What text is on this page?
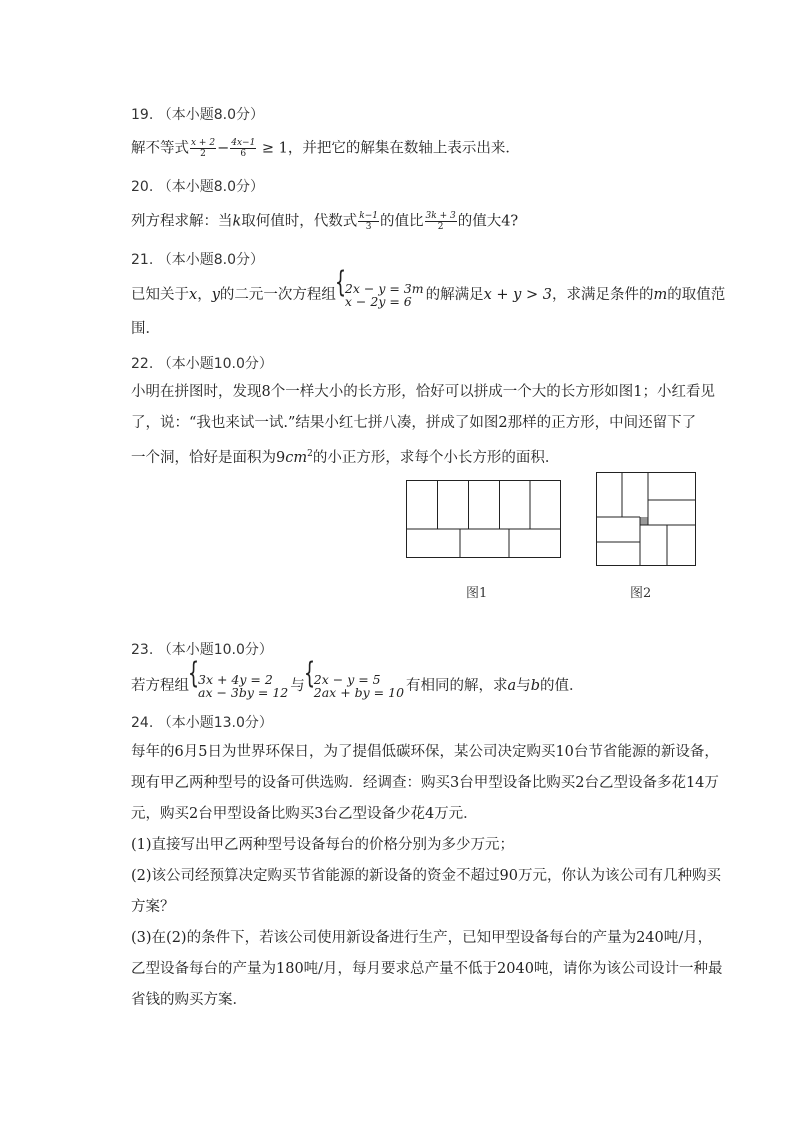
19. （本小题8.0分）
解不等式 $\frac{x + 2}{2} - \frac{4x-1}{6} \ge 1$，并把它的解集在数轴上表示出来．
20. （本小题8.0分）
列方程求解：当k取何值时，代数式 $\frac{k-1}{3}$ 的值比 $\frac{3k + 3}{2}$ 的值大4?
21. （本小题8.0分）
已知关于x，y的二元一次方程组 { 2x − y = 3m
x − 2y = 6 的解满足x + y > 3，求满足条件的m的取值范
围．
22. （本小题10.0分）
小明在拼图时，发现8个一样大小的长方形，恰好可以拼成一个大的长方形如图1；小红看见
了，说：“我也来试一试.”结果小红七拼八凑，拼成了如图2那样的正方形，中间还留下了
一个洞，恰好是面积为$9cm^2$的小正方形，求每个小长方形的面积．
图1	图2
23. （本小题10.0分）
若方程组 { 3x + 4y = 2
ax − 3by = 12 与 { 2x − y = 5
2ax + by = 10 有相同的解，求a与b的值．
24. （本小题13.0分）
每年的6月5日为世界环保日，为了提倡低碳环保，某公司决定购买10台节省能源的新设备，
现有甲乙两种型号的设备可供选购．经调查：购买3台甲型设备比购买2台乙型设备多花14万
元，购买2台甲型设备比购买3台乙型设备少花4万元．
(1)直接写出甲乙两种型号设备每台的价格分别为多少万元；
(2)该公司经预算决定购买节省能源的新设备的资金不超过90万元，你认为该公司有几种购买
方案？
(3)在(2)的条件下，若该公司使用新设备进行生产，已知甲型设备每台的产量为240吨/月，
乙型设备每台的产量为180吨/月，每月要求总产量不低于2040吨，请你为该公司设计一种最
省钱的购买方案．
